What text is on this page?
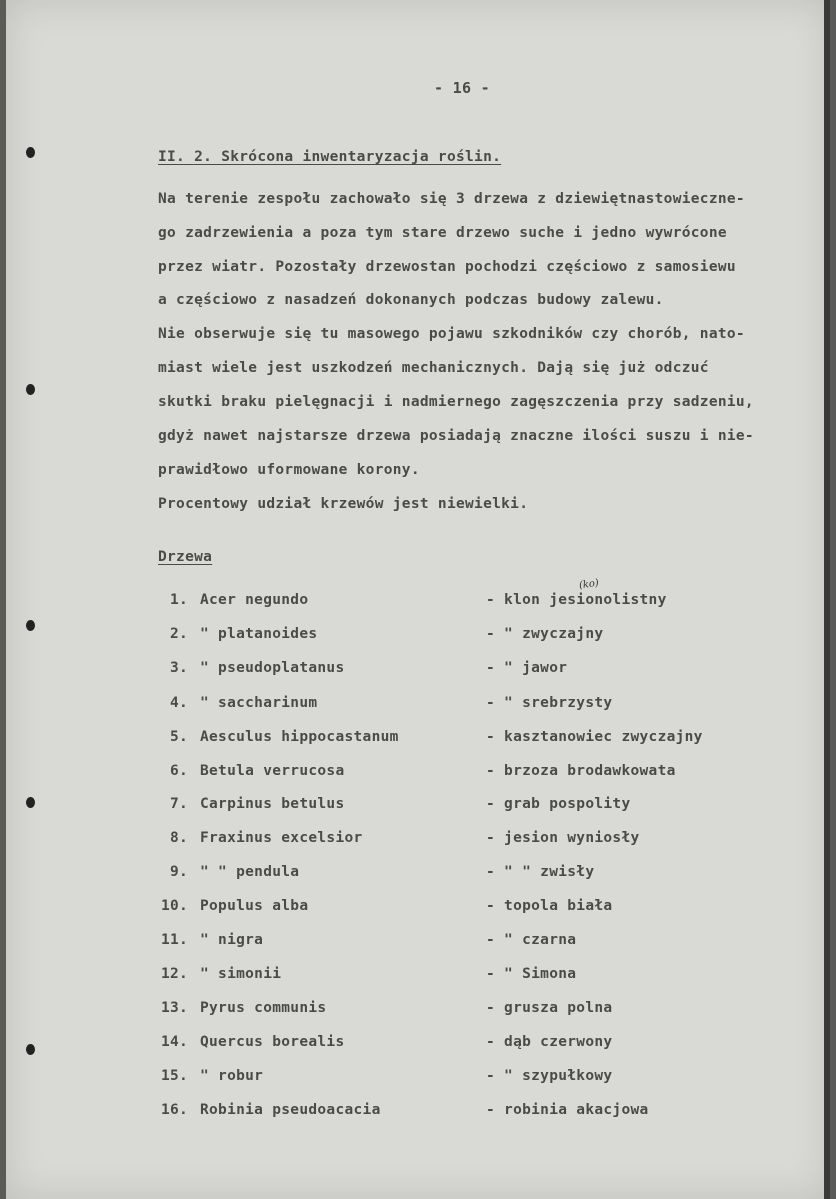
- 16 -
II. 2. Skrócona inwentaryzacja roślin.
Na terenie zespołu zachowało się 3 drzewa z dziewiętnastowieczne-
go zadrzewienia a poza tym stare drzewo suche i jedno wywrócone
przez wiatr. Pozostały drzewostan pochodzi częściowo z samosiewu
a częściowo z nasadzeń dokonanych podczas budowy zalewu.
Nie obserwuje się tu masowego pojawu szkodników czy chorób, nato-
miast wiele jest uszkodzeń mechanicznych. Dają się już odczuć
skutki braku pielęgnacji i nadmiernego zagęszczenia przy sadzeniu,
gdyż nawet najstarsze drzewa posiadają znaczne ilości suszu i nie-
prawidłowo uformowane korony.
Procentowy udział krzewów jest niewielki.
Drzewa
(ko)
1. Acer negundo	- klon jesionolistny
2. " platanoides	- " zwyczajny
3. " pseudoplatanus	- " jawor
4. " saccharinum	- " srebrzysty
5. Aesculus hippocastanum	- kasztanowiec zwyczajny
6. Betula verrucosa	- brzoza brodawkowata
7. Carpinus betulus	- grab pospolity
8. Fraxinus excelsior	- jesion wyniosły
9. " " pendula	- " " zwisły
10. Populus alba	- topola biała
11. " nigra	- " czarna
12. " simonii	- " Simona
13. Pyrus communis	- grusza polna
14. Quercus borealis	- dąb czerwony
15. " robur	- " szypułkowy
16. Robinia pseudoacacia	- robinia akacjowa
